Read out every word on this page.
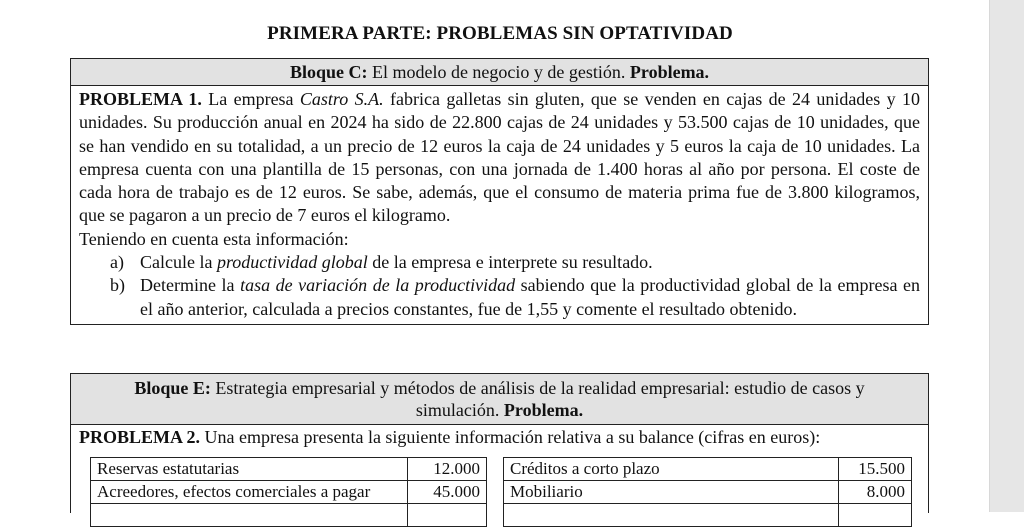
PRIMERA PARTE: PROBLEMAS SIN OPTATIVIDAD
Bloque C: El modelo de negocio y de gestión. Problema.

PROBLEMA 1. La empresa Castro S.A. fabrica galletas sin gluten, que se venden en cajas de 24 unidades y 10 unidades. Su producción anual en 2024 ha sido de 22.800 cajas de 24 unidades y 53.500 cajas de 10 unidades, que se han vendido en su totalidad, a un precio de 12 euros la caja de 24 unidades y 5 euros la caja de 10 unidades. La empresa cuenta con una plantilla de 15 personas, con una jornada de 1.400 horas al año por persona. El coste de cada hora de trabajo es de 12 euros. Se sabe, además, que el consumo de materia prima fue de 3.800 kilogramos, que se pagaron a un precio de 7 euros el kilogramo.

Teniendo en cuenta esta información:

a) Calcule la productividad global de la empresa e interprete su resultado.
b) Determine la tasa de variación de la productividad sabiendo que la productividad global de la empresa en el año anterior, calculada a precios constantes, fue de 1,55 y comente el resultado obtenido.
Bloque E: Estrategia empresarial y métodos de análisis de la realidad empresarial: estudio de casos y simulación. Problema.

PROBLEMA 2. Una empresa presenta la siguiente información relativa a su balance (cifras en euros):

Reservas estatutarias	12.000
Acreedores, efectos comerciales a pagar	45.000

Créditos a corto plazo	15.500
Mobiliario	8.000
